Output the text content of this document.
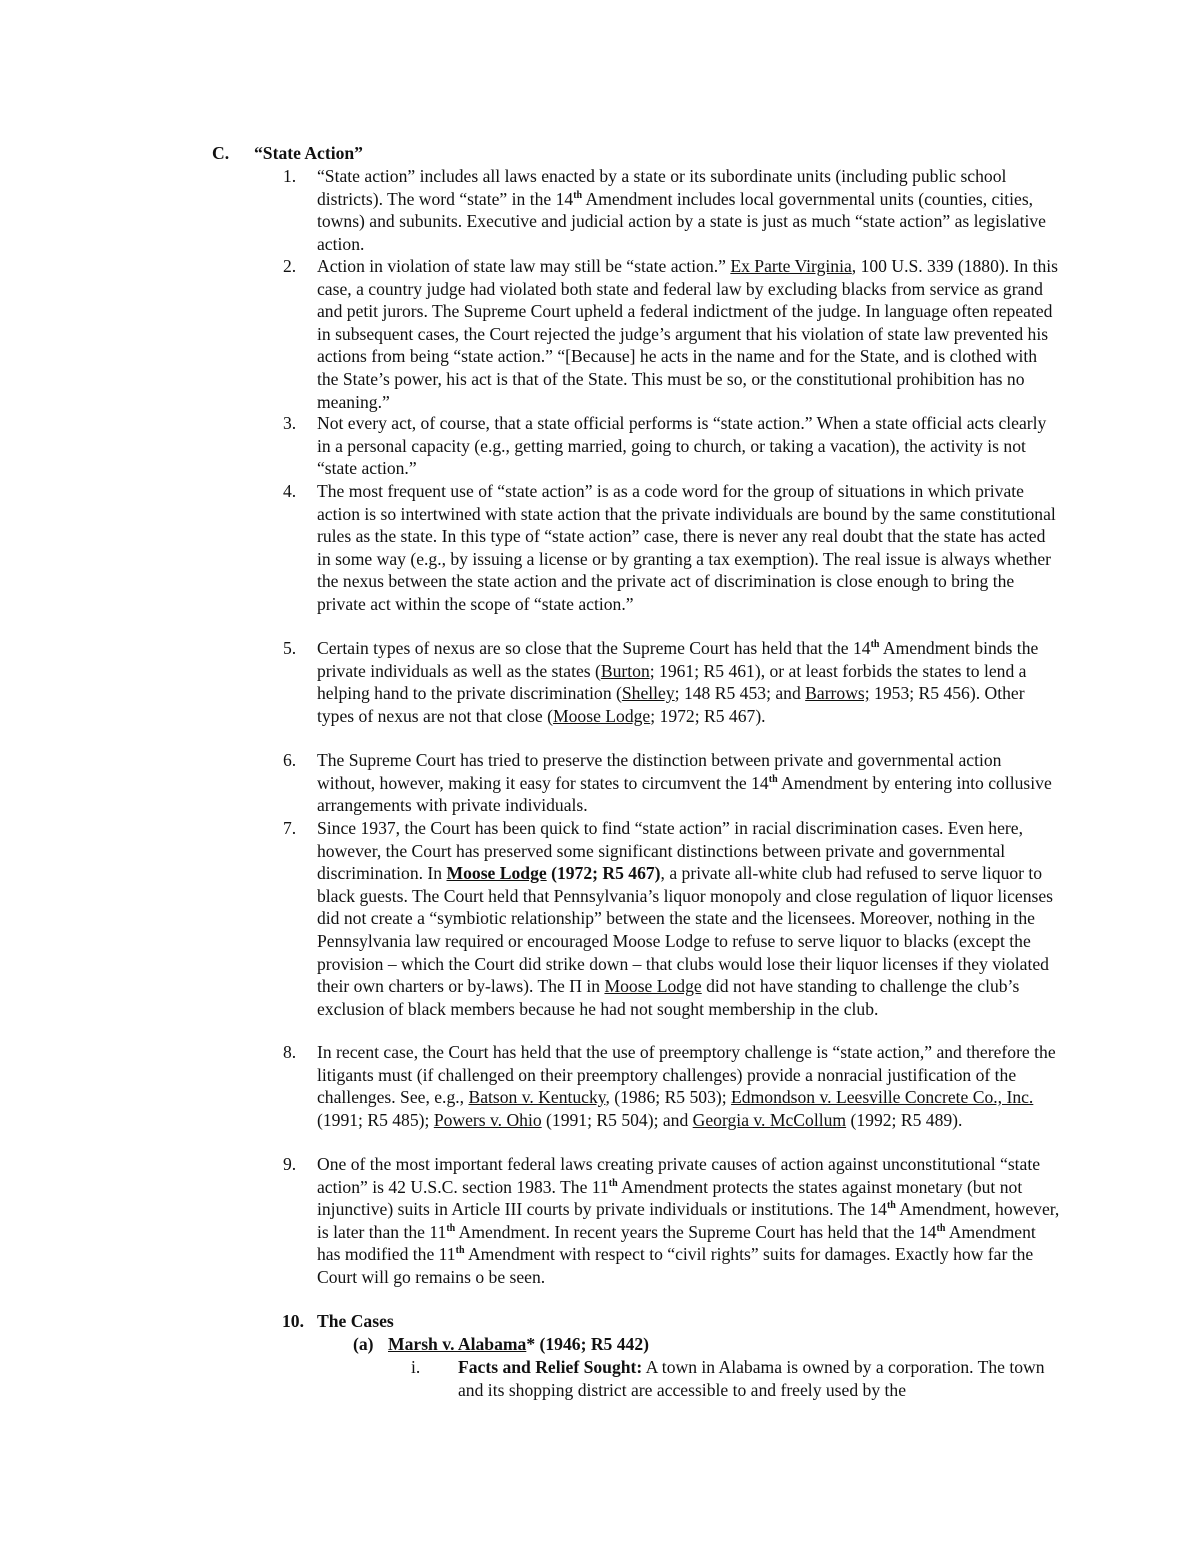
C. “State Action”
1. “State action” includes all laws enacted by a state or its subordinate units (including public school districts). The word “state” in the 14th Amendment includes local governmental units (counties, cities, towns) and subunits. Executive and judicial action by a state is just as much “state action” as legislative action.

2. Action in violation of state law may still be “state action.” Ex Parte Virginia, 100 U.S. 339 (1880). In this case, a country judge had violated both state and federal law by excluding blacks from service as grand and petit jurors. The Supreme Court upheld a federal indictment of the judge. In language often repeated in subsequent cases, the Court rejected the judge’s argument that his violation of state law prevented his actions from being “state action.” “[Because] he acts in the name and for the State, and is clothed with the State’s power, his act is that of the State. This must be so, or the constitutional prohibition has no meaning.”

3. Not every act, of course, that a state official performs is “state action.” When a state official acts clearly in a personal capacity (e.g., getting married, going to church, or taking a vacation), the activity is not “state action.”

4. The most frequent use of “state action” is as a code word for the group of situations in which private action is so intertwined with state action that the private individuals are bound by the same constitutional rules as the state. In this type of “state action” case, there is never any real doubt that the state has acted in some way (e.g., by issuing a license or by granting a tax exemption). The real issue is always whether the nexus between the state action and the private act of discrimination is close enough to bring the private act within the scope of “state action.”

5. Certain types of nexus are so close that the Supreme Court has held that the 14th Amendment binds the private individuals as well as the states (Burton; 1961; R5 461), or at least forbids the states to lend a helping hand to the private discrimination (Shelley; 148 R5 453; and Barrows; 1953; R5 456). Other types of nexus are not that close (Moose Lodge; 1972; R5 467).

6. The Supreme Court has tried to preserve the distinction between private and governmental action without, however, making it easy for states to circumvent the 14th Amendment by entering into collusive arrangements with private individuals.

7. Since 1937, the Court has been quick to find “state action” in racial discrimination cases. Even here, however, the Court has preserved some significant distinctions between private and governmental discrimination. In Moose Lodge (1972; R5 467), a private all-white club had refused to serve liquor to black guests. The Court held that Pennsylvania’s liquor monopoly and close regulation of liquor licenses did not create a “symbiotic relationship” between the state and the licensees. Moreover, nothing in the Pennsylvania law required or encouraged Moose Lodge to refuse to serve liquor to blacks (except the provision – which the Court did strike down – that clubs would lose their liquor licenses if they violated their own charters or by-laws). The Π in Moose Lodge did not have standing to challenge the club’s exclusion of black members because he had not sought membership in the club.

8. In recent case, the Court has held that the use of preemptory challenge is “state action,” and therefore the litigants must (if challenged on their preemptory challenges) provide a nonracial justification of the challenges. See, e.g., Batson v. Kentucky, (1986; R5 503); Edmondson v. Leesville Concrete Co., Inc. (1991; R5 485); Powers v. Ohio (1991; R5 504); and Georgia v. McCollum (1992; R5 489).

9. One of the most important federal laws creating private causes of action against unconstitutional “state action” is 42 U.S.C. section 1983. The 11th Amendment protects the states against monetary (but not injunctive) suits in Article III courts by private individuals or institutions. The 14th Amendment, however, is later than the 11th Amendment. In recent years the Supreme Court has held that the 14th Amendment has modified the 11th Amendment with respect to “civil rights” suits for damages. Exactly how far the Court will go remains o be seen.

10. The Cases
(a) Marsh v. Alabama* (1946; R5 442)
i. Facts and Relief Sought: A town in Alabama is owned by a corporation. The town and its shopping district are accessible to and freely used by the
